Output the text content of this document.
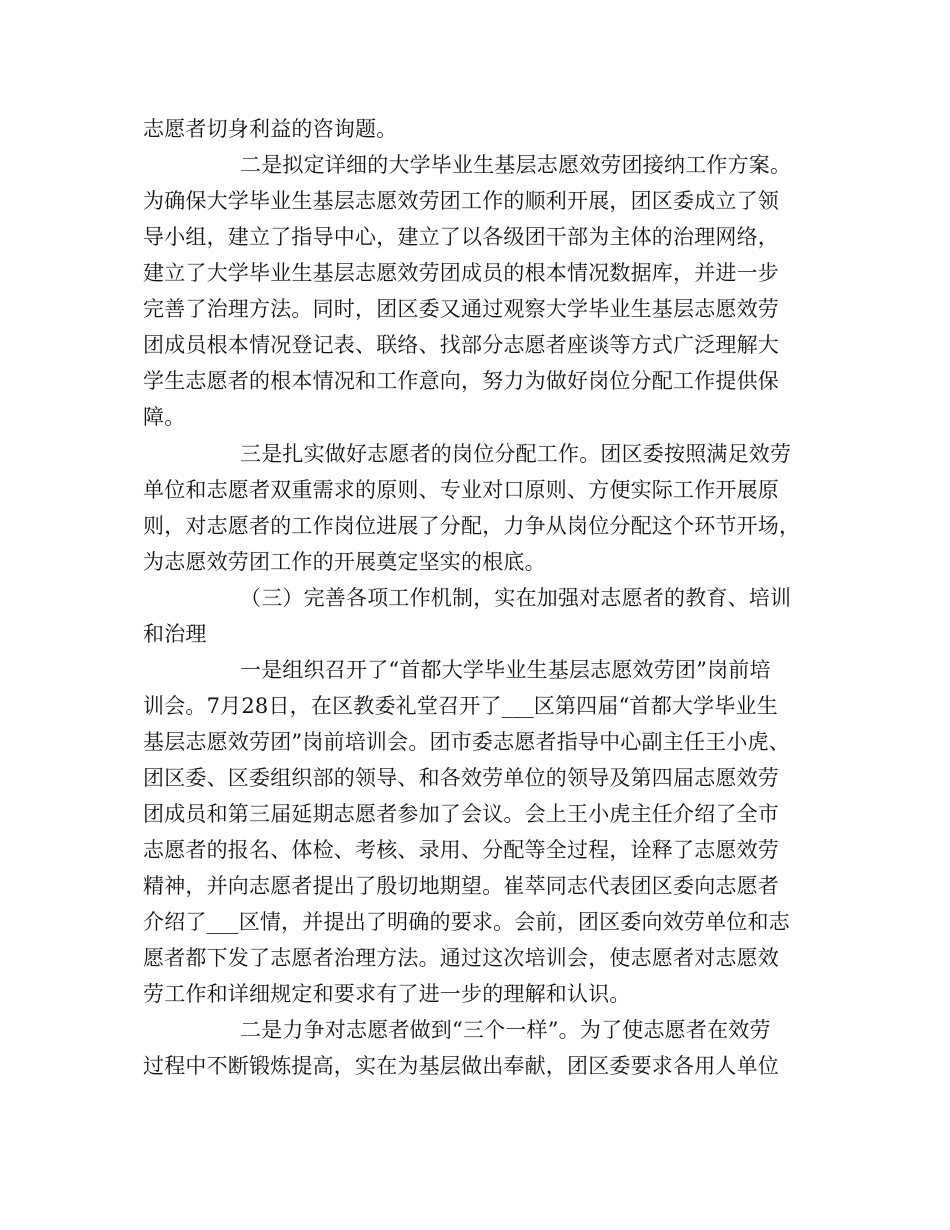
志愿者切身利益的咨询题。
二是拟定详细的大学毕业生基层志愿效劳团接纳工作方案。
为确保大学毕业生基层志愿效劳团工作的顺利开展，团区委成立了领
导小组，建立了指导中心，建立了以各级团干部为主体的治理网络，
建立了大学毕业生基层志愿效劳团成员的根本情况数据库，并进一步
完善了治理方法。同时，团区委又通过观察大学毕业生基层志愿效劳
团成员根本情况登记表、联络、找部分志愿者座谈等方式广泛理解大
学生志愿者的根本情况和工作意向，努力为做好岗位分配工作提供保
障。
三是扎实做好志愿者的岗位分配工作。团区委按照满足效劳
单位和志愿者双重需求的原则、专业对口原则、方便实际工作开展原
则，对志愿者的工作岗位进展了分配，力争从岗位分配这个环节开场，
为志愿效劳团工作的开展奠定坚实的根底。
（三）完善各项工作机制，实在加强对志愿者的教育、培训
和治理
一是组织召开了“首都大学毕业生基层志愿效劳团”岗前培
训会。7月28日，在区教委礼堂召开了___区第四届“首都大学毕业生
基层志愿效劳团”岗前培训会。团市委志愿者指导中心副主任王小虎、
团区委、区委组织部的领导、和各效劳单位的领导及第四届志愿效劳
团成员和第三届延期志愿者参加了会议。会上王小虎主任介绍了全市
志愿者的报名、体检、考核、录用、分配等全过程，诠释了志愿效劳
精神，并向志愿者提出了殷切地期望。崔萃同志代表团区委向志愿者
介绍了___区情，并提出了明确的要求。会前，团区委向效劳单位和志
愿者都下发了志愿者治理方法。通过这次培训会，使志愿者对志愿效
劳工作和详细规定和要求有了进一步的理解和认识。
二是力争对志愿者做到“三个一样”。为了使志愿者在效劳
过程中不断锻炼提高，实在为基层做出奉献，团区委要求各用人单位
